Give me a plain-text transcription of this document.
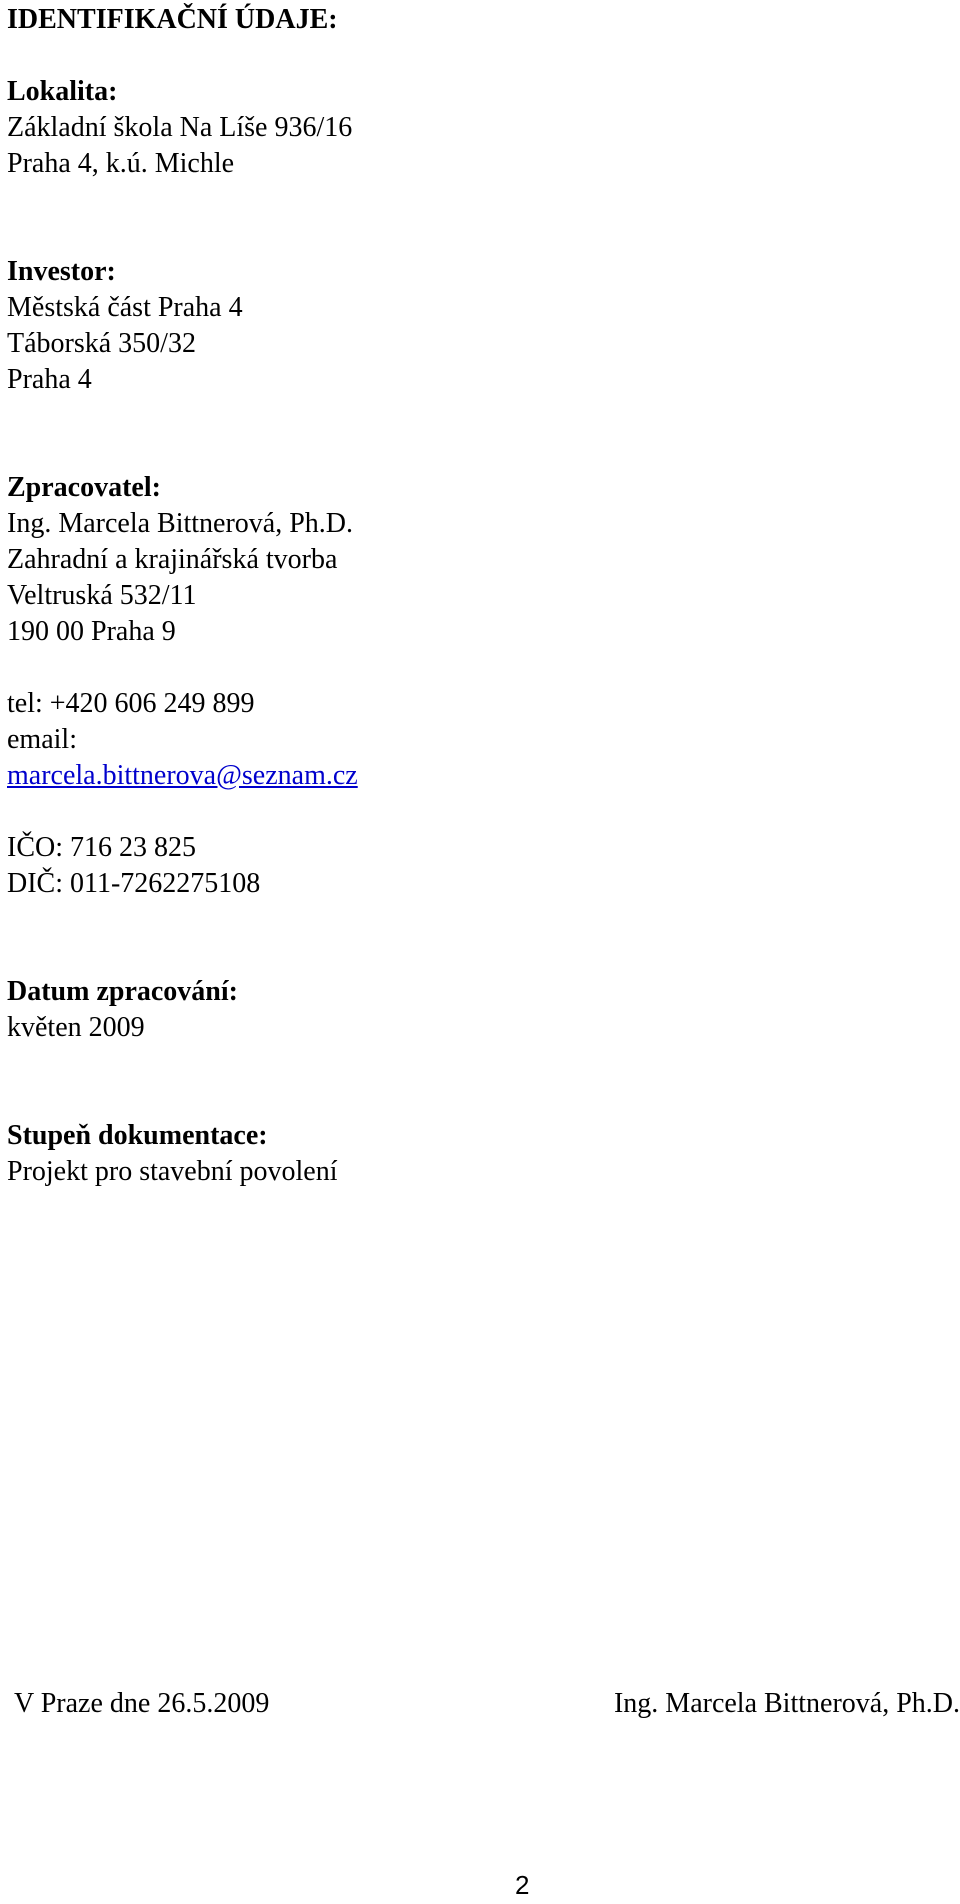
IDENTIFIKAČNÍ ÚDAJE:
Lokalita:
Základní škola Na Líše 936/16
Praha 4, k.ú. Michle
Investor:
Městská část Praha 4
Táborská 350/32
Praha 4
Zpracovatel:
Ing. Marcela Bittnerová, Ph.D.
Zahradní a krajinářská tvorba
Veltruská 532/11
190 00 Praha 9
tel: +420 606 249 899
email:
marcela.bittnerova@seznam.cz
IČO: 716 23 825
DIČ: 011-7262275108
Datum zpracování:
květen 2009
Stupeň dokumentace:
Projekt pro stavební povolení
V Praze dne 26.5.2009	Ing. Marcela Bittnerová, Ph.D.
2
